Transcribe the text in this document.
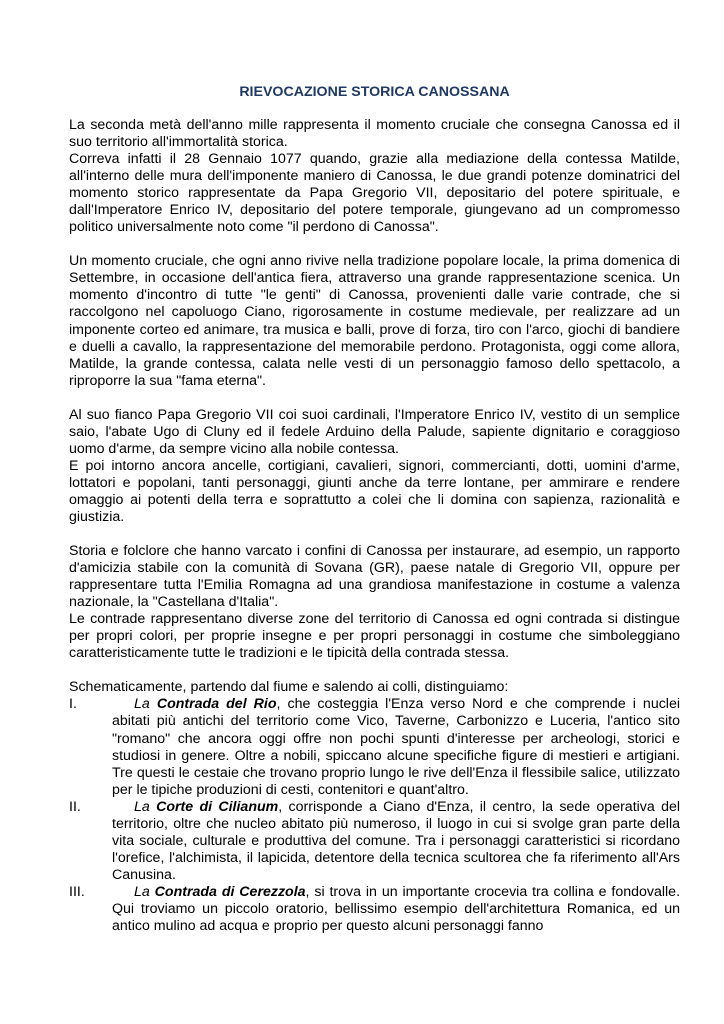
RIEVOCAZIONE STORICA CANOSSANA

La seconda metà dell'anno mille rappresenta il momento cruciale che consegna Canossa ed il suo territorio all'immortalità storica.

Correva infatti il 28 Gennaio 1077 quando, grazie alla mediazione della contessa Matilde, all'interno delle mura dell'imponente maniero di Canossa, le due grandi potenze dominatrici del momento storico rappresentate da Papa Gregorio VII, depositario del potere spirituale, e dall'Imperatore Enrico IV, depositario del potere temporale, giungevano ad un compromesso politico universalmente noto come "il perdono di Canossa".

Un momento cruciale, che ogni anno rivive nella tradizione popolare locale, la prima domenica di Settembre, in occasione dell'antica fiera, attraverso una grande rappresentazione scenica. Un momento d'incontro di tutte "le genti" di Canossa, provenienti dalle varie contrade, che si raccolgono nel capoluogo Ciano, rigorosamente in costume medievale, per realizzare ad un imponente corteo ed animare, tra musica e balli, prove di forza, tiro con l'arco, giochi di bandiere e duelli a cavallo, la rappresentazione del memorabile perdono. Protagonista, oggi come allora, Matilde, la grande contessa, calata nelle vesti di un personaggio famoso dello spettacolo, a riproporre la sua "fama eterna".

Al suo fianco Papa Gregorio VII coi suoi cardinali, l'Imperatore Enrico IV, vestito di un semplice saio, l'abate Ugo di Cluny ed il fedele Arduino della Palude, sapiente dignitario e coraggioso uomo d'arme, da sempre vicino alla nobile contessa.

E poi intorno ancora ancelle, cortigiani, cavalieri, signori, commercianti, dotti, uomini d'arme, lottatori e popolani, tanti personaggi, giunti anche da terre lontane, per ammirare e rendere omaggio ai potenti della terra e soprattutto a colei che li domina con sapienza, razionalità e giustizia.

Storia e folclore che hanno varcato i confini di Canossa per instaurare, ad esempio, un rapporto d'amicizia stabile con la comunità di Sovana (GR), paese natale di Gregorio VII, oppure per rappresentare tutta l'Emilia Romagna ad una grandiosa manifestazione in costume a valenza nazionale, la "Castellana d'Italia".

Le contrade rappresentano diverse zone del territorio di Canossa ed ogni contrada si distingue per propri colori, per proprie insegne e per propri personaggi in costume che simboleggiano caratteristicamente tutte le tradizioni e le tipicità della contrada stessa.

Schematicamente, partendo dal fiume e salendo ai colli, distinguiamo:

I.	La Contrada del Rio, che costeggia l'Enza verso Nord e che comprende i nuclei abitati più antichi del territorio come Vico, Taverne, Carbonizzo e Luceria, l'antico sito "romano" che ancora oggi offre non pochi spunti d'interesse per archeologi, storici e studiosi in genere. Oltre a nobili, spiccano alcune specifiche figure di mestieri e artigiani. Tre questi le cestaie che trovano proprio lungo le rive dell'Enza il flessibile salice, utilizzato per le tipiche produzioni di cesti, contenitori e quant'altro.
II.	La Corte di Cilianum, corrisponde a Ciano d'Enza, il centro, la sede operativa del territorio, oltre che nucleo abitato più numeroso, il luogo in cui si svolge gran parte della vita sociale, culturale e produttiva del comune. Tra i personaggi caratteristici si ricordano l'orefice, l'alchimista, il lapicida, detentore della tecnica scultorea che fa riferimento all'Ars Canusina.
III.	La Contrada di Cerezzola, si trova in un importante crocevia tra collina e fondovalle. Qui troviamo un piccolo oratorio, bellissimo esempio dell'architettura Romanica, ed un antico mulino ad acqua e proprio per questo alcuni personaggi fanno
